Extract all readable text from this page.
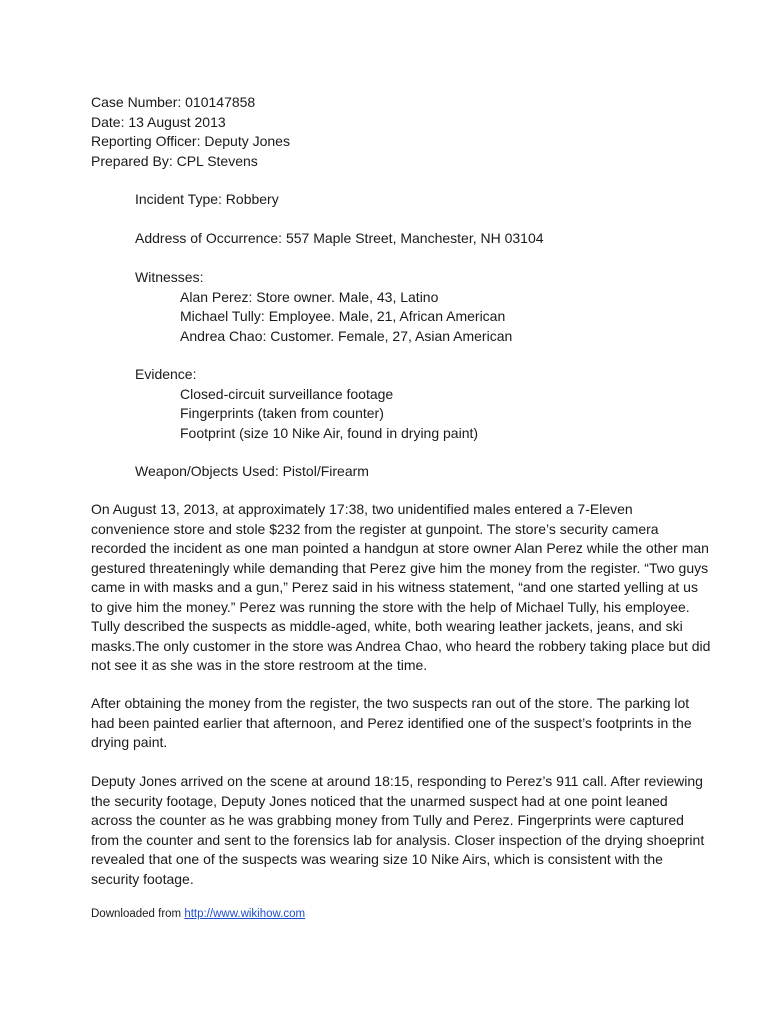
Case Number: 010147858
Date: 13 August 2013
Reporting Officer: Deputy Jones
Prepared By: CPL Stevens
Incident Type: Robbery
Address of Occurrence: 557 Maple Street, Manchester, NH 03104
Witnesses:
Alan Perez: Store owner. Male, 43, Latino
Michael Tully: Employee. Male, 21, African American
Andrea Chao: Customer. Female, 27, Asian American
Evidence:
Closed-circuit surveillance footage
Fingerprints (taken from counter)
Footprint (size 10 Nike Air, found in drying paint)
Weapon/Objects Used: Pistol/Firearm
On August 13, 2013, at approximately 17:38, two unidentified males entered a 7-Eleven convenience store and stole $232 from the register at gunpoint. The store’s security camera recorded the incident as one man pointed a handgun at store owner Alan Perez while the other man gestured threateningly while demanding that Perez give him the money from the register. “Two guys came in with masks and a gun,” Perez said in his witness statement, “and one started yelling at us to give him the money.” Perez was running the store with the help of Michael Tully, his employee. Tully described the suspects as middle-aged, white, both wearing leather jackets, jeans, and ski masks.The only customer in the store was Andrea Chao, who heard the robbery taking place but did not see it as she was in the store restroom at the time.
After obtaining the money from the register, the two suspects ran out of the store. The parking lot had been painted earlier that afternoon, and Perez identified one of the suspect’s footprints in the drying paint.
Deputy Jones arrived on the scene at around 18:15, responding to Perez’s 911 call. After reviewing the security footage, Deputy Jones noticed that the unarmed suspect had at one point leaned across the counter as he was grabbing money from Tully and Perez. Fingerprints were captured from the counter and sent to the forensics lab for analysis. Closer inspection of the drying shoeprint revealed that one of the suspects was wearing size 10 Nike Airs, which is consistent with the security footage.
Downloaded from http://www.wikihow.com
